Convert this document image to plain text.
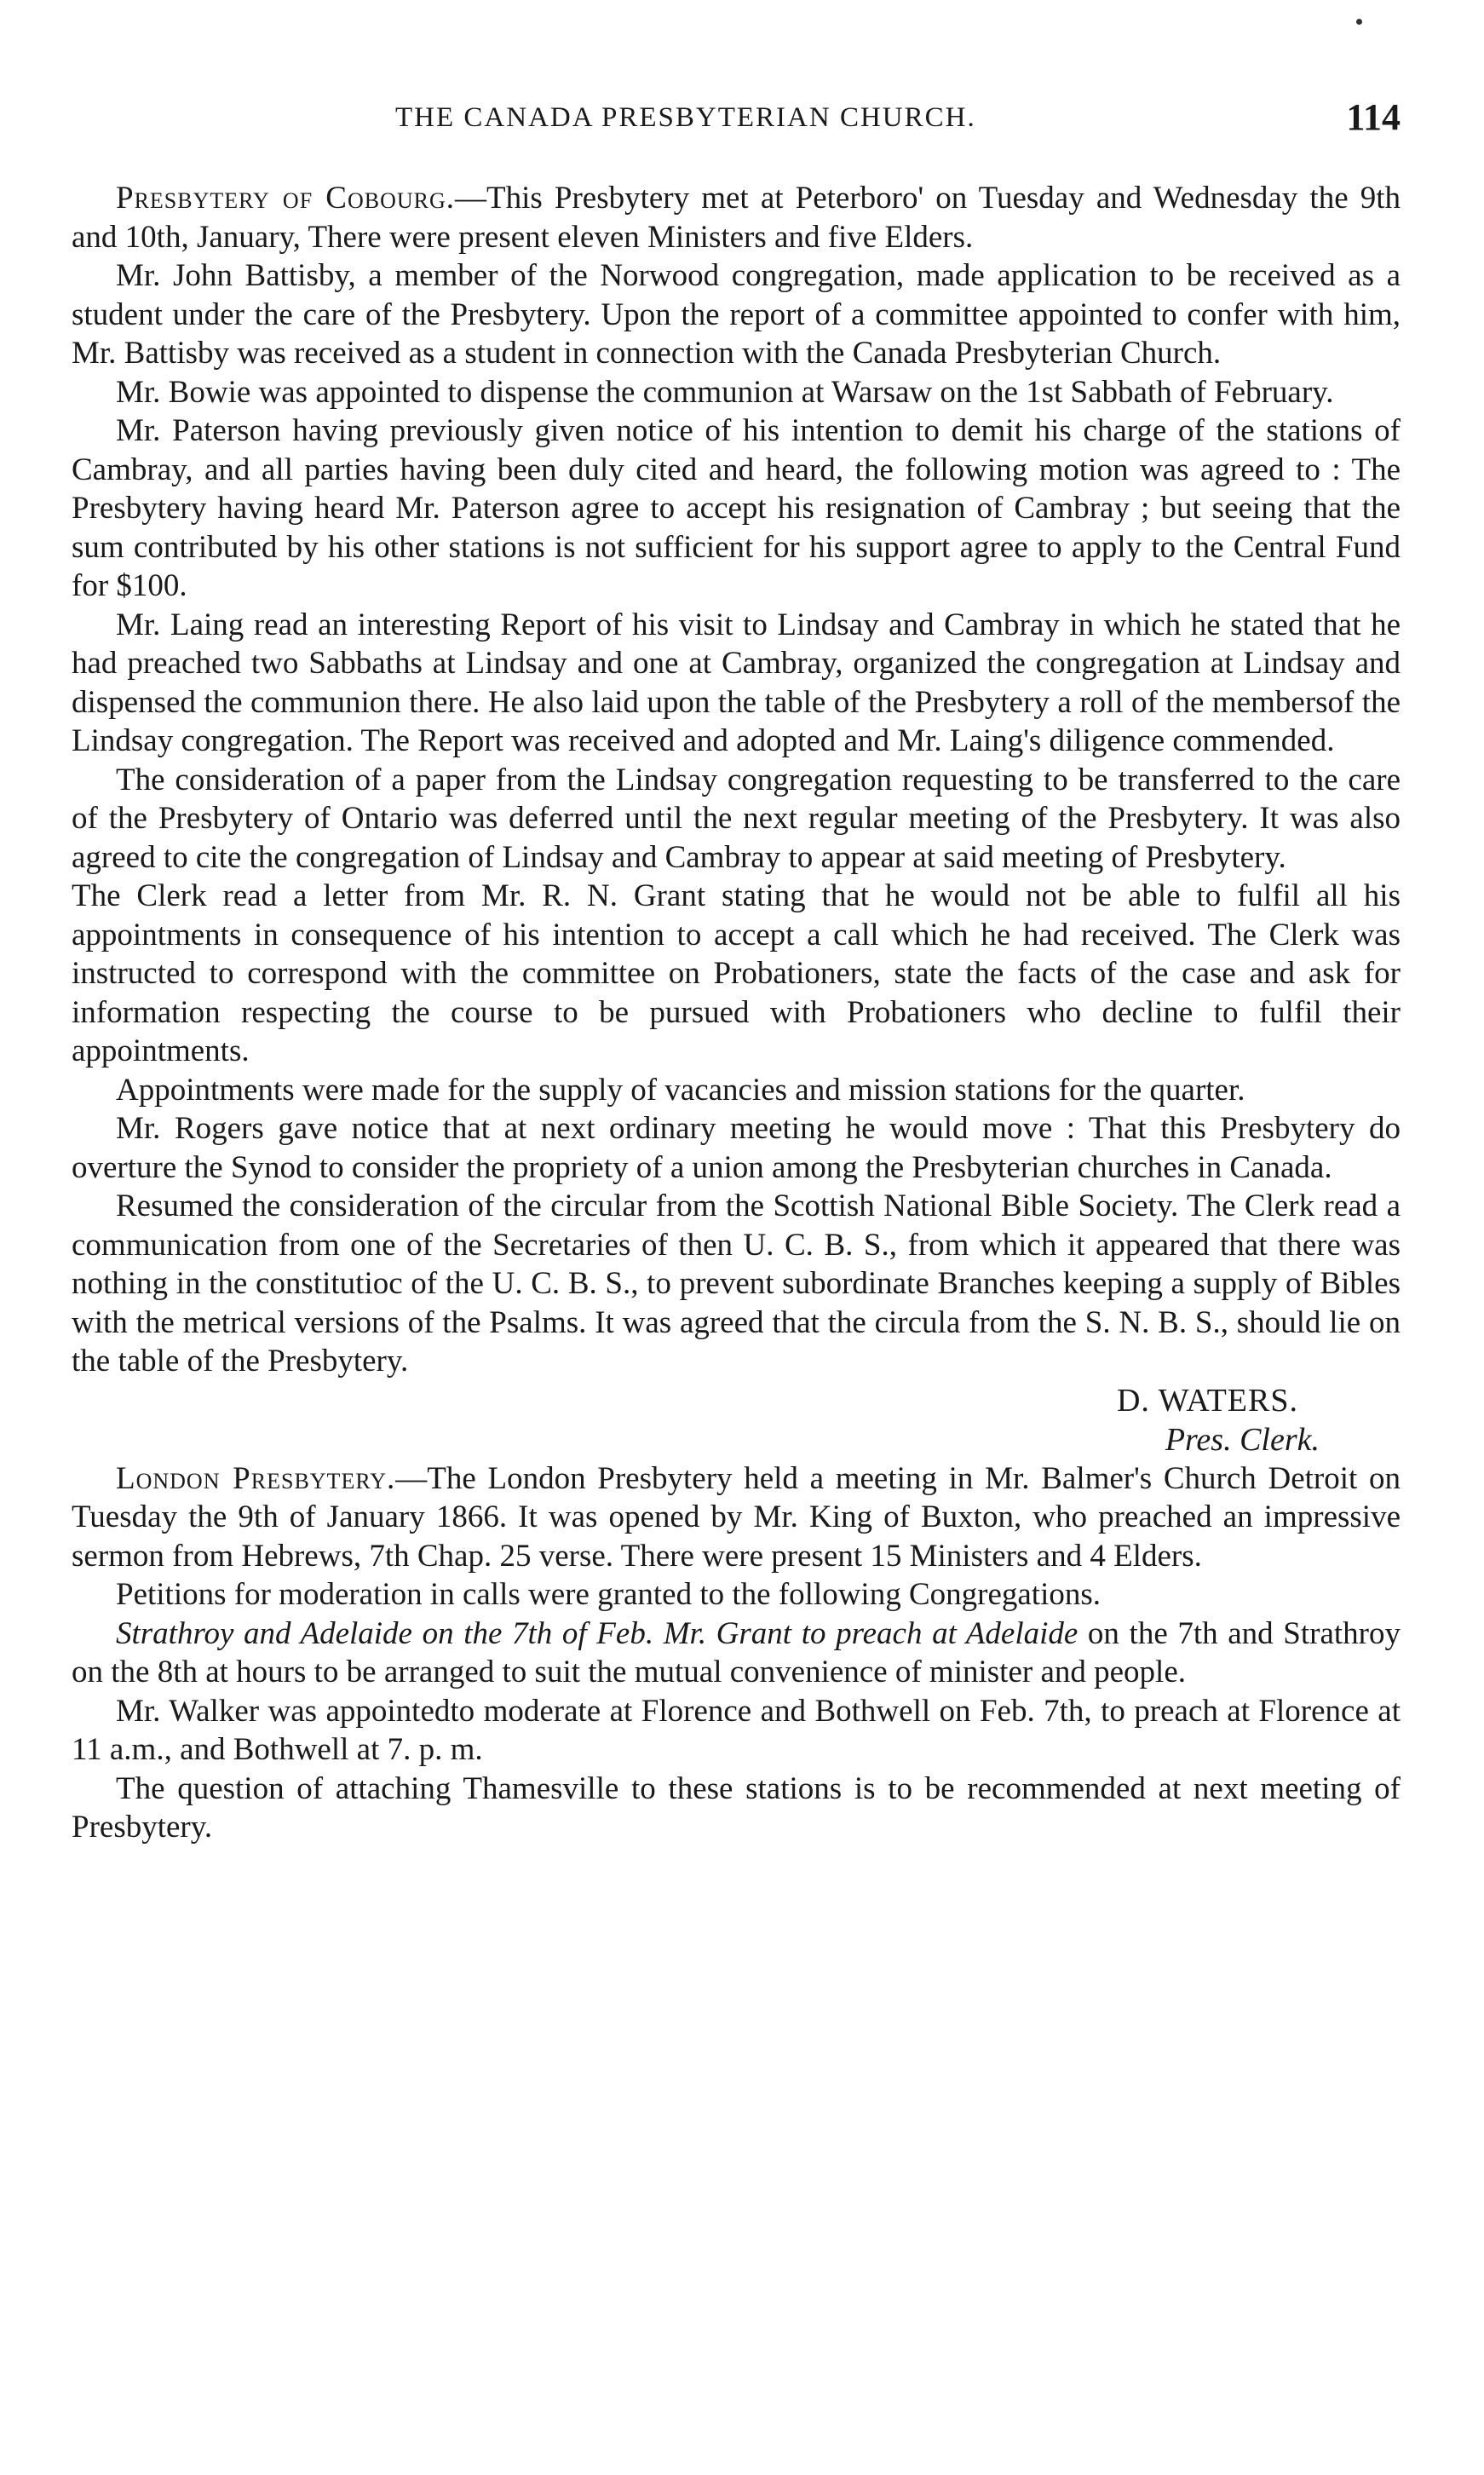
THE CANADA PRESBYTERIAN CHURCH.	114

Presbytery of Cobourg.—This Presbytery met at Peterboro' on Tuesday and Wednesday the 9th and 10th, January, There were present eleven Ministers and five Elders.

Mr. John Battisby, a member of the Norwood congregation, made application to be received as a student under the care of the Presbytery. Upon the report of a committee appointed to confer with him, Mr. Battisby was received as a student in connection with the Canada Presbyterian Church.

Mr. Bowie was appointed to dispense the communion at Warsaw on the 1st Sabbath of February.

Mr. Paterson having previously given notice of his intention to demit his charge of the stations of Cambray, and all parties having been duly cited and heard, the following motion was agreed to : The Presbytery having heard Mr. Paterson agree to accept his resignation of Cambray ; but seeing that the sum contributed by his other stations is not sufficient for his support agree to apply to the Central Fund for $100.

Mr. Laing read an interesting Report of his visit to Lindsay and Cambray in which he stated that he had preached two Sabbaths at Lindsay and one at Cambray, organized the congregation at Lindsay and dispensed the communion there. He also laid upon the table of the Presbytery a roll of the membersof the Lindsay congregation. The Report was received and adopted and Mr. Laing's diligence commended.

The consideration of a paper from the Lindsay congregation requesting to be transferred to the care of the Presbytery of Ontario was deferred until the next regular meeting of the Presbytery. It was also agreed to cite the congregation of Lindsay and Cambray to appear at said meeting of Presbytery.

The Clerk read a letter from Mr. R. N. Grant stating that he would not be able to fulfil all his appointments in consequence of his intention to accept a call which he had received. The Clerk was instructed to correspond with the committee on Probationers, state the facts of the case and ask for information respecting the course to be pursued with Probationers who decline to fulfil their appointments.

Appointments were made for the supply of vacancies and mission stations for the quarter.

Mr. Rogers gave notice that at next ordinary meeting he would move : That this Presbytery do overture the Synod to consider the propriety of a union among the Presbyterian churches in Canada.

Resumed the consideration of the circular from the Scottish National Bible Society. The Clerk read a communication from one of the Secretaries of then U. C. B. S., from which it appeared that there was nothing in the constitutioc of the U. C. B. S., to prevent subordinate Branches keeping a supply of Bibles with the metrical versions of the Psalms. It was agreed that the circula from the S. N. B. S., should lie on the table of the Presbytery.

D. WATERS.

Pres. Clerk.

London Presbytery.—The London Presbytery held a meeting in Mr. Balmer's Church Detroit on Tuesday the 9th of January 1866. It was opened by Mr. King of Buxton, who preached an impressive sermon from Hebrews, 7th Chap. 25 verse. There were present 15 Ministers and 4 Elders.

Petitions for moderation in calls were granted to the following Congregations.

Strathroy and Adelaide on the 7th of Feb. Mr. Grant to preach at Adelaide on the 7th and Strathroy on the 8th at hours to be arranged to suit the mutual convenience of minister and people.

Mr. Walker was appointedto moderate at Florence and Bothwell on Feb. 7th, to preach at Florence at 11 a.m., and Bothwell at 7. p. m.

The question of attaching Thamesville to these stations is to be recommended at next meeting of Presbytery.
